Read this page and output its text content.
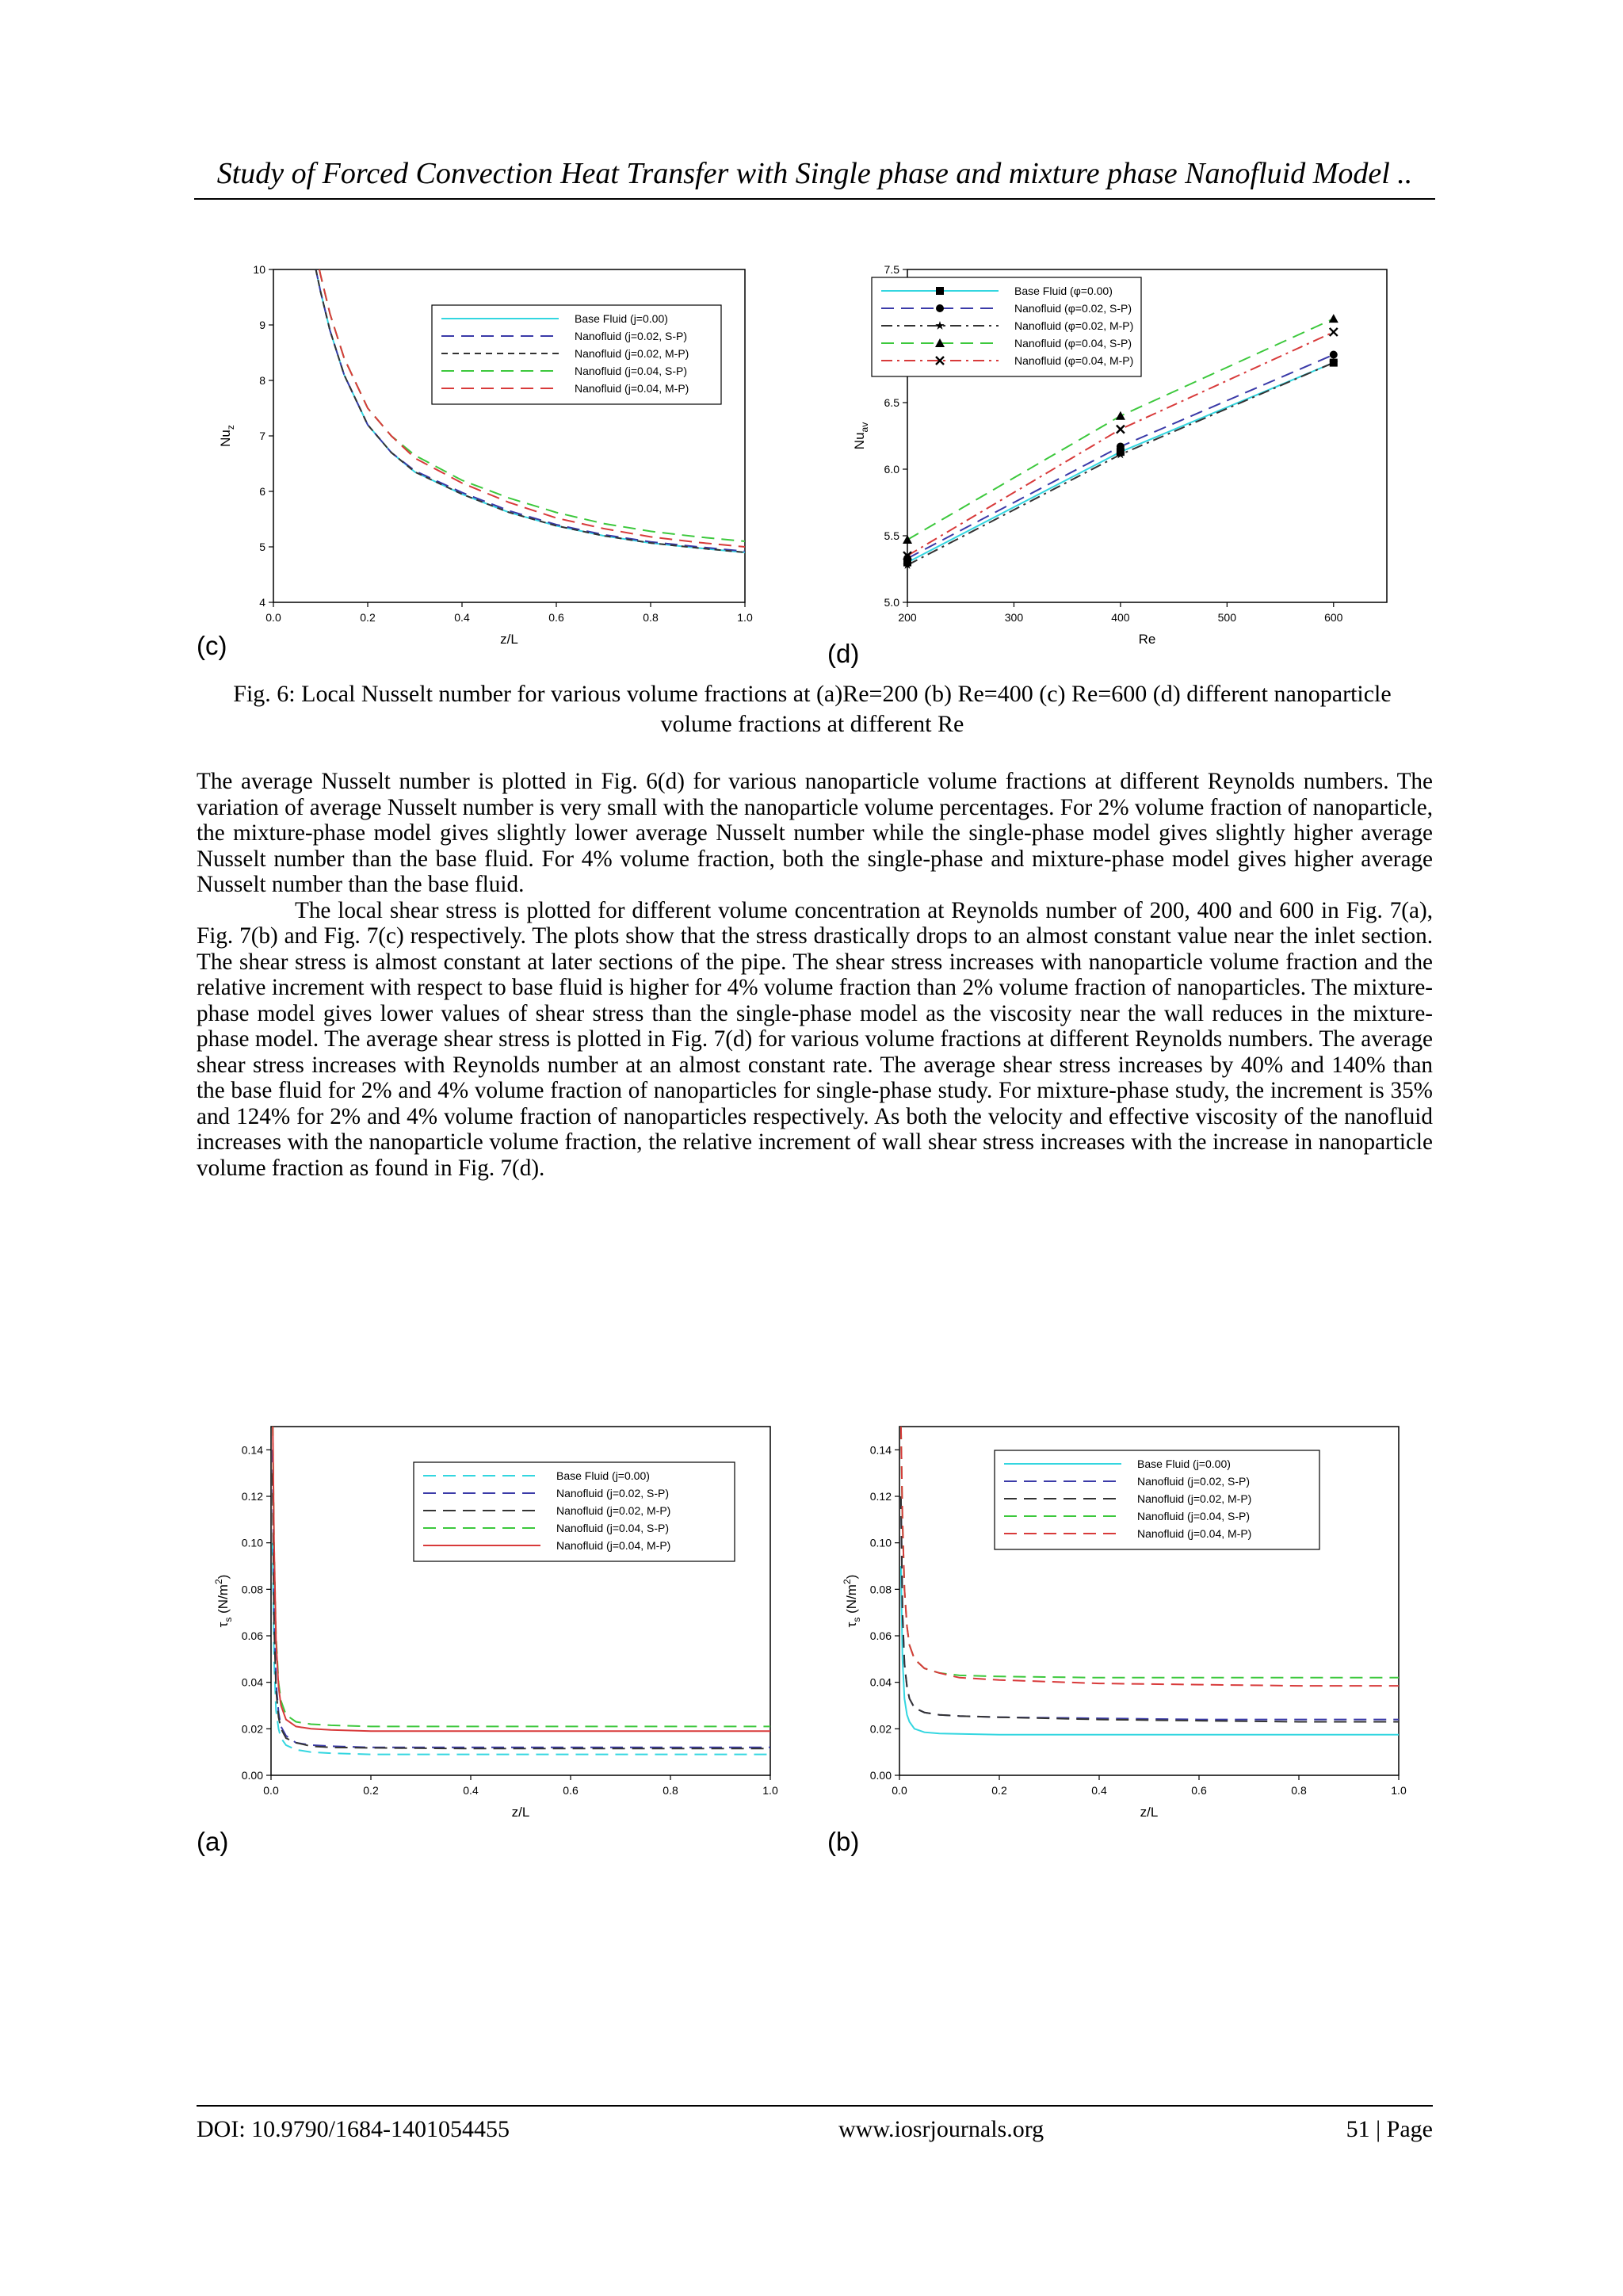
Study of Forced Convection Heat Transfer with Single phase and mixture phase Nanofluid Model ..
0.0	0.2	0.4	0.6	0.8	1.0
4
5
6
7
8
9
10
z/L
$Nu_z$
Base Fluid (j=0.00)
Nanofluid (j=0.02, S-P)
Nanofluid (j=0.02, M-P)
Nanofluid (j=0.04, S-P)
Nanofluid (j=0.04, M-P)
(c)
200	300	400	500	600
5.0
5.5
6.0
6.5
7.5
Re
$Nu_{av}$
Base Fluid (φ=0.00)
Nanofluid (φ=0.02, S-P)
Nanofluid (φ=0.02, M-P)
Nanofluid (φ=0.04, S-P)
Nanofluid (φ=0.04, M-P)
(d)
Fig. 6: Local Nusselt number for various volume fractions at (a)Re=200 (b) Re=400 (c) Re=600 (d) different nanoparticle volume fractions at different Re

The average Nusselt number is plotted in Fig. 6(d) for various nanoparticle volume fractions at different Reynolds numbers. The variation of average Nusselt number is very small with the nanoparticle volume percentages. For 2% volume fraction of nanoparticle, the mixture-phase model gives slightly lower average Nusselt number while the single-phase model gives slightly higher average Nusselt number than the base fluid. For 4% volume fraction, both the single-phase and mixture-phase model gives higher average Nusselt number than the base fluid.

The local shear stress is plotted for different volume concentration at Reynolds number of 200, 400 and 600 in Fig. 7(a), Fig. 7(b) and Fig. 7(c) respectively. The plots show that the stress drastically drops to an almost constant value near the inlet section. The shear stress is almost constant at later sections of the pipe. The shear stress increases with nanoparticle volume fraction and the relative increment with respect to base fluid is higher for 4% volume fraction than 2% volume fraction of nanoparticles. The mixture-phase model gives lower values of shear stress than the single-phase model as the viscosity near the wall reduces in the mixture-phase model. The average shear stress is plotted in Fig. 7(d) for various volume fractions at different Reynolds numbers. The average shear stress increases with Reynolds number at an almost constant rate. The average shear stress increases by 40% and 140% than the base fluid for 2% and 4% volume fraction of nanoparticles for single-phase study. For mixture-phase study, the increment is 35% and 124% for 2% and 4% volume fraction of nanoparticles respectively. As both the velocity and effective viscosity of the nanofluid increases with the nanoparticle volume fraction, the relative increment of wall shear stress increases with the increase in nanoparticle volume fraction as found in Fig. 7(d).

0.0	0.2	0.4	0.6	0.8	1.0
0.00
0.02
0.04
0.06
0.08
0.10
0.12
0.14
z/L
$\tau_s$ $(N/m^2)$
Base Fluid (j=0.00)
Nanofluid (j=0.02, S-P)
Nanofluid (j=0.02, M-P)
Nanofluid (j=0.04, S-P)
Nanofluid (j=0.04, M-P)
(a)
0.0	0.2	0.4	0.6	0.8	1.0
0.00
0.02
0.04
0.06
0.08
0.10
0.12
0.14
z/L
$\tau_s$ $(N/m^2)$
Base Fluid (j=0.00)
Nanofluid (j=0.02, S-P)
Nanofluid (j=0.02, M-P)
Nanofluid (j=0.04, S-P)
Nanofluid (j=0.04, M-P)
(b)
DOI: 10.9790/1684-1401054455	www.iosrjournals.org	51 | Page
